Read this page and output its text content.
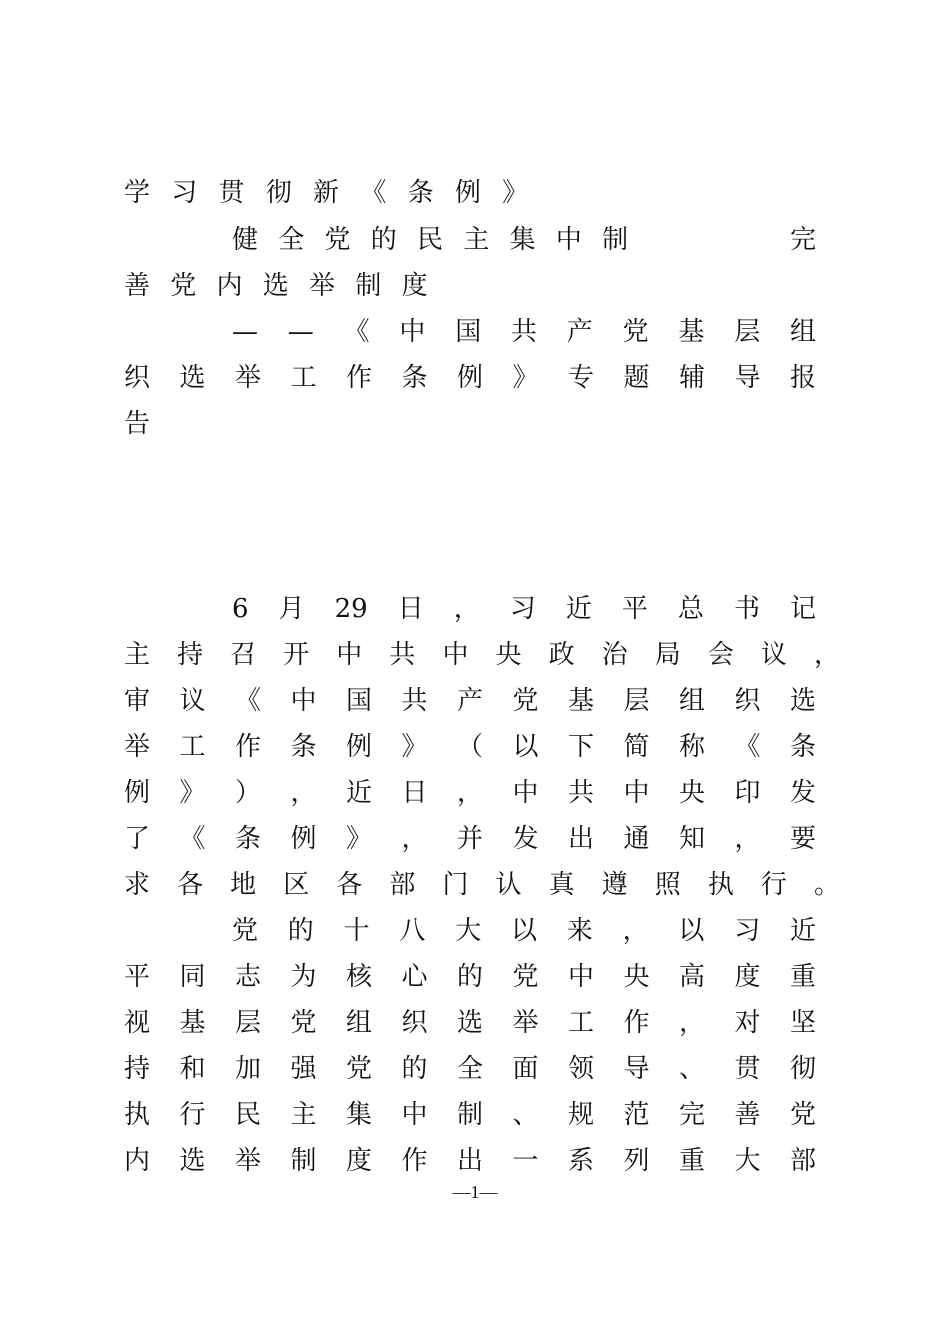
学 习 贯 彻 新 《 条 例 》
健 全 党 的 民 主 集 中 制	完
善 党 内 选 举 制 度
— — 《 中 国 共 产 党 基 层 组
织 选 举 工 作 条 例 》 专 题 辅 导 报
告
6 月 29 日 ， 习 近 平 总 书 记
主 持 召 开 中 共 中 央 政 治 局 会 议 ，
审 议 《 中 国 共 产 党 基 层 组 织 选
举 工 作 条 例 》 （ 以 下 简 称 《 条
例 》 ） ， 近 日 ， 中 共 中 央 印 发
了 《 条 例 》 ， 并 发 出 通 知 ， 要
求 各 地 区 各 部 门 认 真 遵 照 执 行 。
党 的 十 八 大 以 来 ， 以 习 近
平 同 志 为 核 心 的 党 中 央 高 度 重
视 基 层 党 组 织 选 举 工 作 ， 对 坚
持 和 加 强 党 的 全 面 领 导 、 贯 彻
执 行 民 主 集 中 制 、 规 范 完 善 党
内 选 举 制 度 作 出 一 系 列 重 大 部
—1—
